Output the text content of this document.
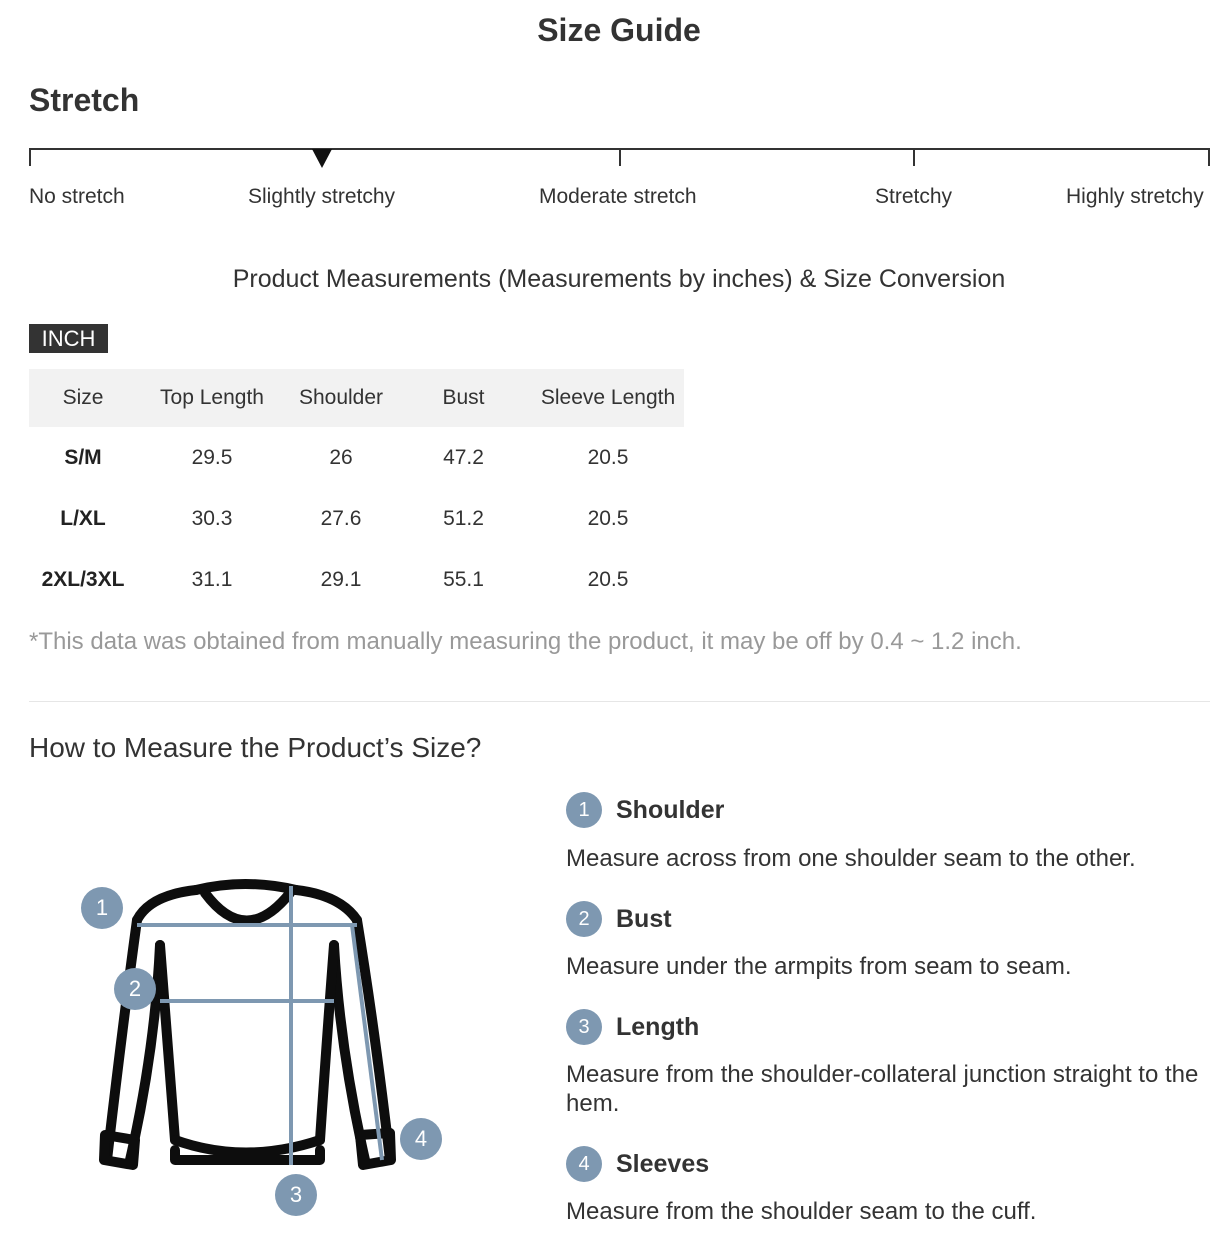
Size Guide
Stretch
No stretch	Slightly stretchy	Moderate stretch	Stretchy	Highly stretchy
Product Measurements (Measurements by inches) & Size Conversion
INCH
Size	Top Length	Shoulder	Bust	Sleeve Length
S/M	29.5	26	47.2	20.5
L/XL	30.3	27.6	51.2	20.5
2XL/3XL	31.1	29.1	55.1	20.5
*This data was obtained from manually measuring the product, it may be off by 0.4 ~ 1.2 inch.
How to Measure the Product’s Size?
1
2
3
4
1 Shoulder
Measure across from one shoulder seam to the other.
2 Bust
Measure under the armpits from seam to seam.
3 Length
Measure from the shoulder-collateral junction straight to the hem.
4 Sleeves
Measure from the shoulder seam to the cuff.
